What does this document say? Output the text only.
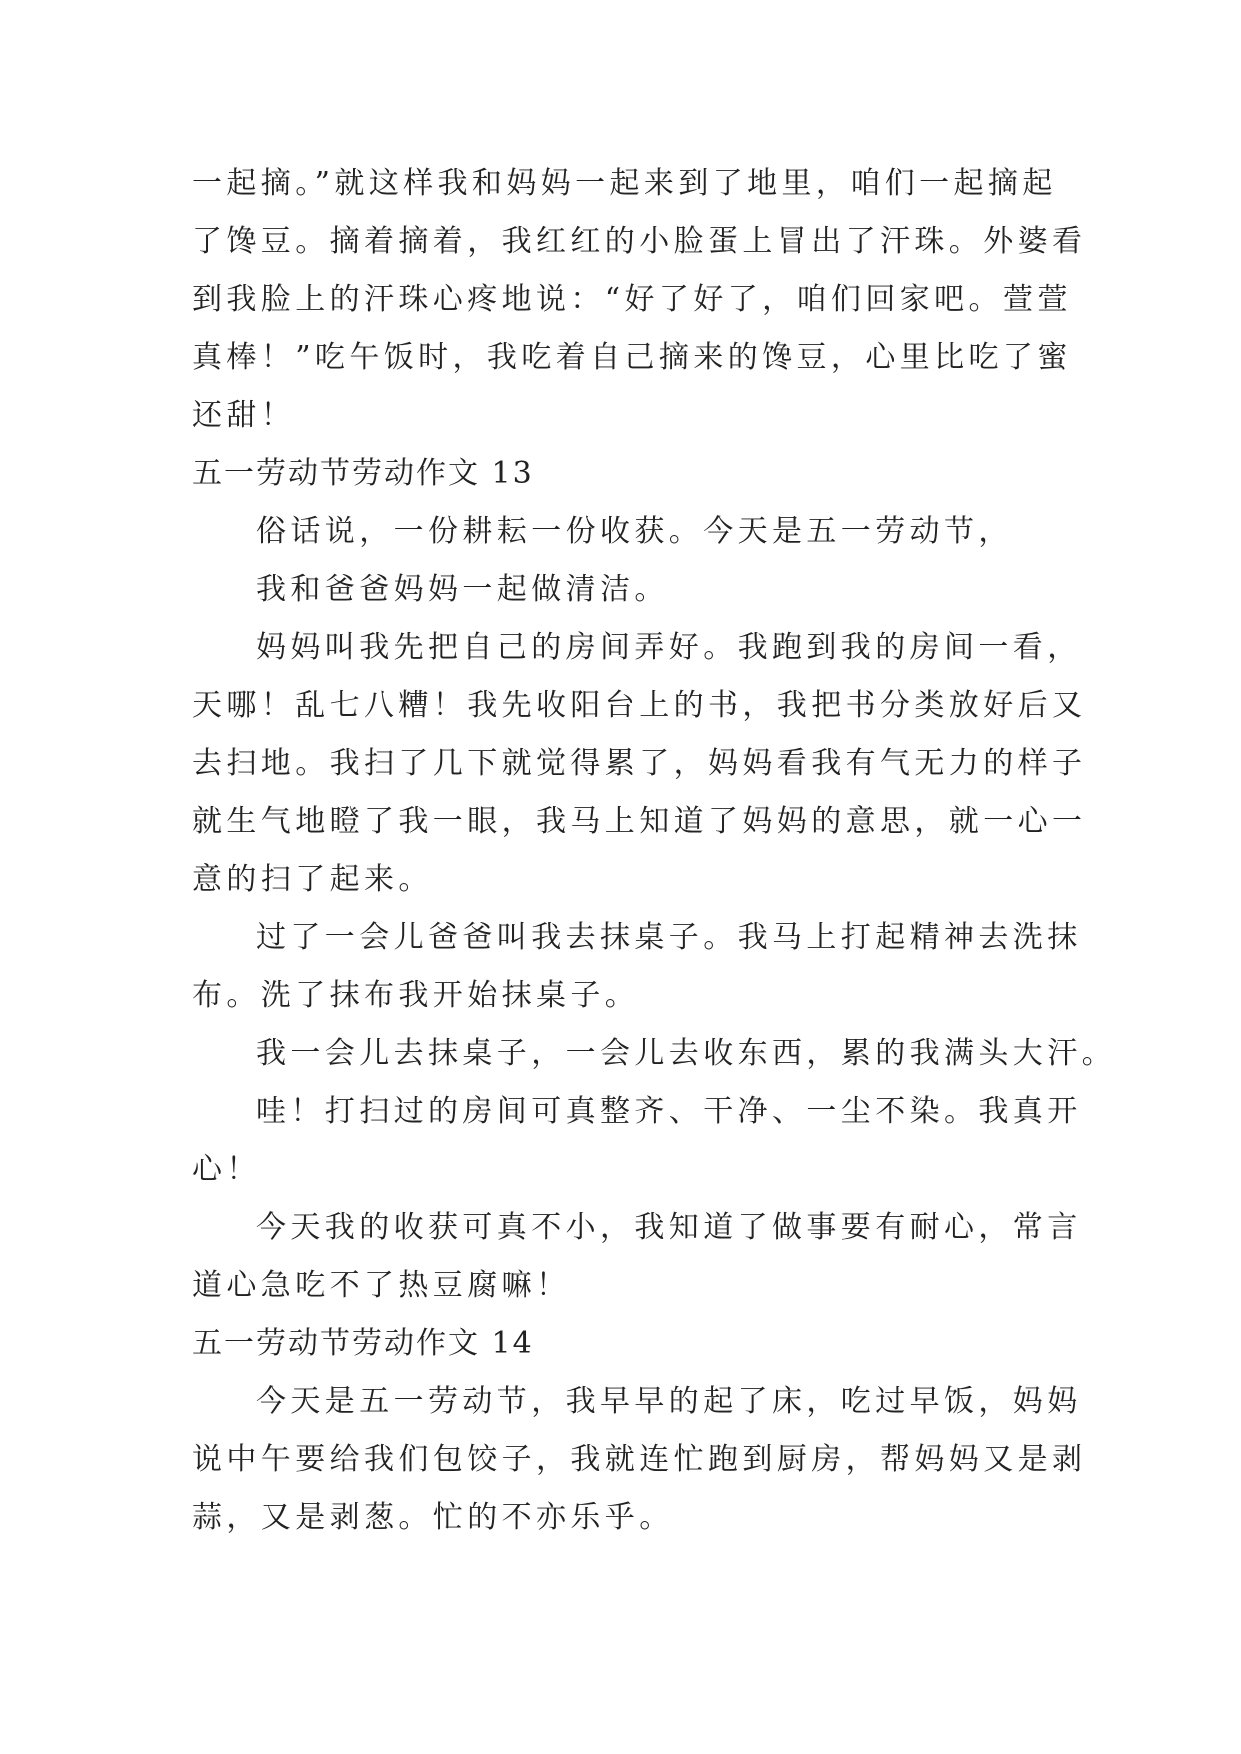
一起摘。”就这样我和妈妈一起来到了地里，咱们一起摘起
了馋豆。摘着摘着，我红红的小脸蛋上冒出了汗珠。外婆看
到我脸上的汗珠心疼地说：“好了好了，咱们回家吧。萱萱
真棒！”吃午饭时，我吃着自己摘来的馋豆，心里比吃了蜜
还甜！
五一劳动节劳动作文 13
俗话说，一份耕耘一份收获。今天是五一劳动节，
我和爸爸妈妈一起做清洁。
妈妈叫我先把自己的房间弄好。我跑到我的房间一看，
天哪！乱七八糟！我先收阳台上的书，我把书分类放好后又
去扫地。我扫了几下就觉得累了，妈妈看我有气无力的样子
就生气地瞪了我一眼，我马上知道了妈妈的意思，就一心一
意的扫了起来。
过了一会儿爸爸叫我去抹桌子。我马上打起精神去洗抹
布。洗了抹布我开始抹桌子。
我一会儿去抹桌子，一会儿去收东西，累的我满头大汗。
哇！打扫过的房间可真整齐、干净、一尘不染。我真开
心！
今天我的收获可真不小，我知道了做事要有耐心，常言
道心急吃不了热豆腐嘛！
五一劳动节劳动作文 14
今天是五一劳动节，我早早的起了床，吃过早饭，妈妈
说中午要给我们包饺子，我就连忙跑到厨房，帮妈妈又是剥
蒜，又是剥葱。忙的不亦乐乎。
